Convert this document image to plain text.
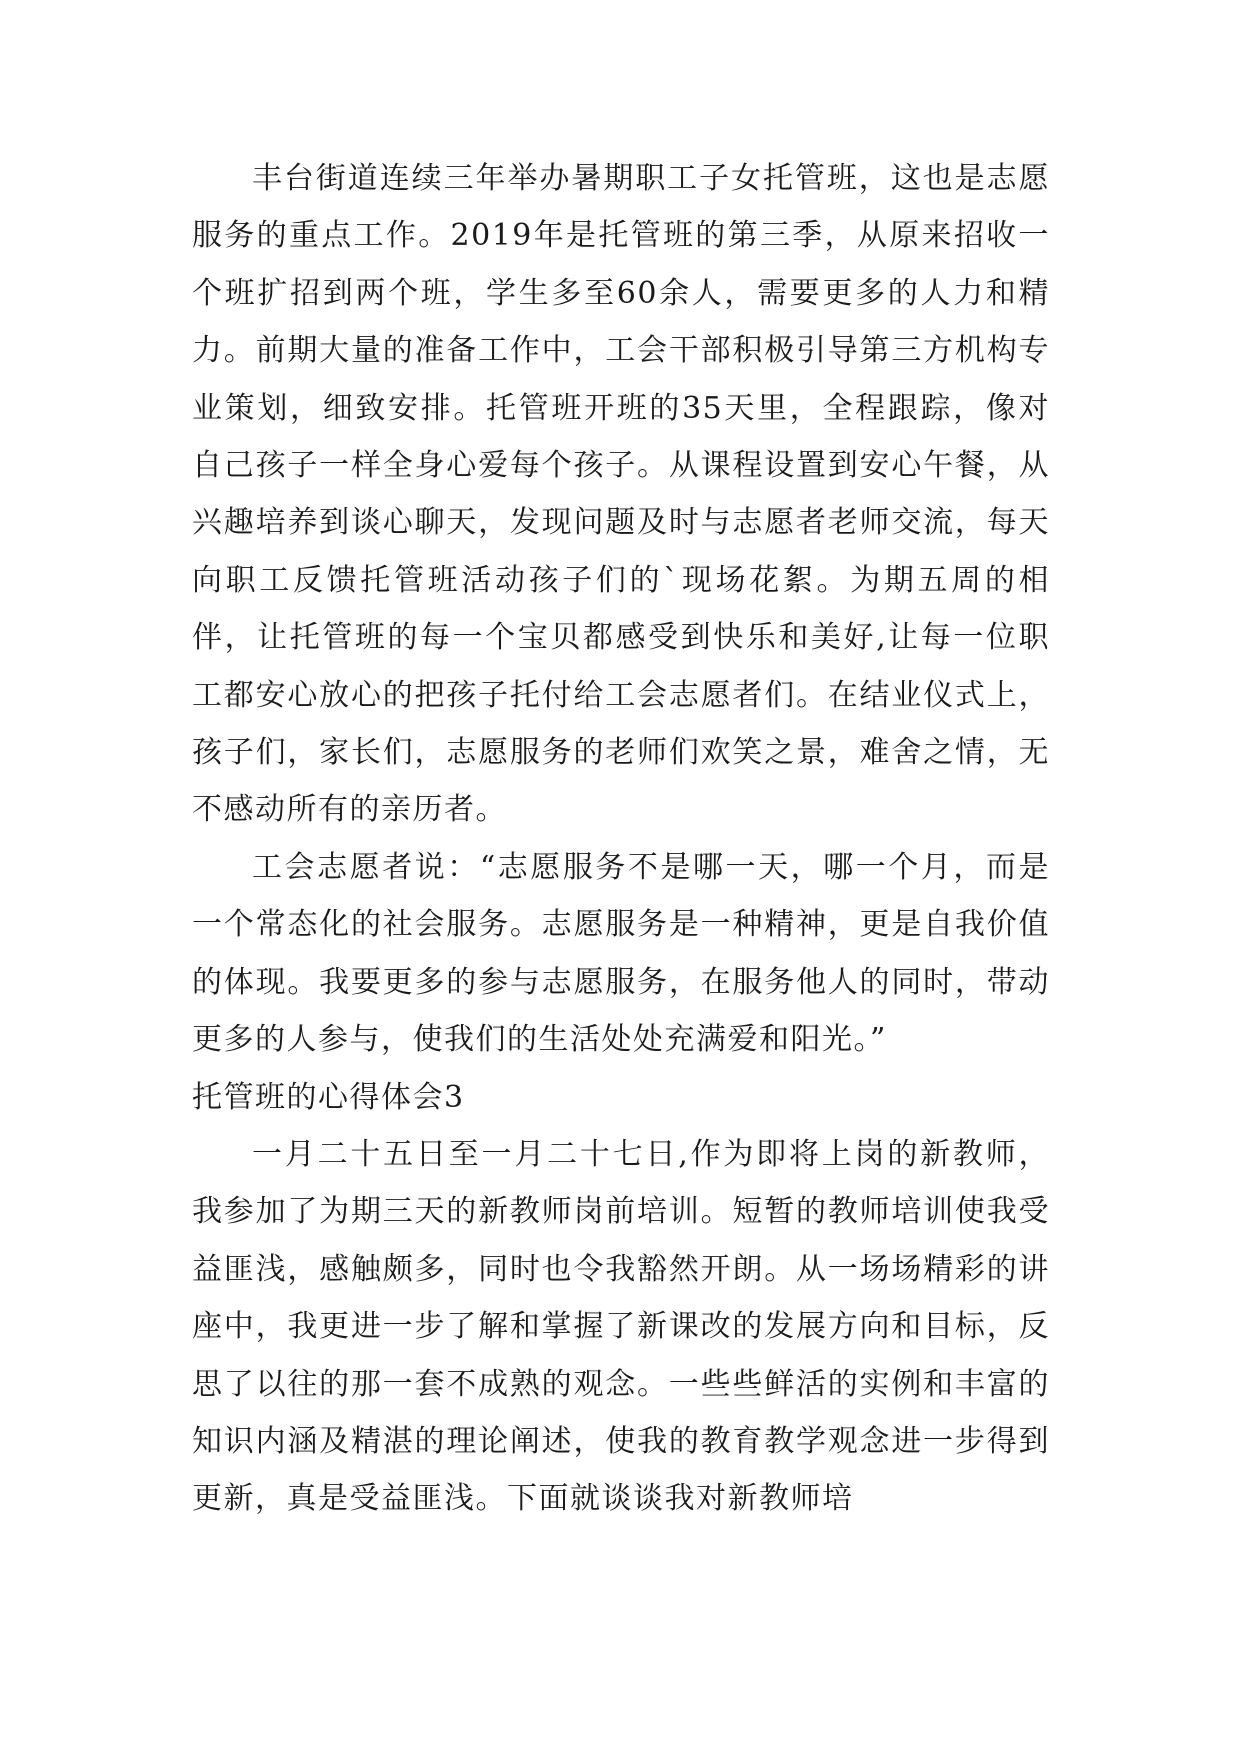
丰台街道连续三年举办暑期职工子女托管班，这也是志愿服务的重点工作。2019年是托管班的第三季，从原来招收一个班扩招到两个班，学生多至60余人，需要更多的人力和精力。前期大量的准备工作中，工会干部积极引导第三方机构专业策划，细致安排。托管班开班的35天里，全程跟踪，像对自己孩子一样全身心爱每个孩子。从课程设置到安心午餐，从兴趣培养到谈心聊天，发现问题及时与志愿者老师交流，每天向职工反馈托管班活动孩子们的`现场花絮。为期五周的相伴，让托管班的每一个宝贝都感受到快乐和美好,让每一位职工都安心放心的把孩子托付给工会志愿者们。在结业仪式上，孩子们，家长们，志愿服务的老师们欢笑之景，难舍之情，无不感动所有的亲历者。

工会志愿者说：“志愿服务不是哪一天，哪一个月，而是一个常态化的社会服务。志愿服务是一种精神，更是自我价值的体现。我要更多的参与志愿服务，在服务他人的同时，带动更多的人参与，使我们的生活处处充满爱和阳光。”

托管班的心得体会3

一月二十五日至一月二十七日,作为即将上岗的新教师，我参加了为期三天的新教师岗前培训。短暂的教师培训使我受益匪浅，感触颇多，同时也令我豁然开朗。从一场场精彩的讲座中，我更进一步了解和掌握了新课改的发展方向和目标，反思了以往的那一套不成熟的观念。一些些鲜活的实例和丰富的知识内涵及精湛的理论阐述，使我的教育教学观念进一步得到更新，真是受益匪浅。下面就谈谈我对新教师培
